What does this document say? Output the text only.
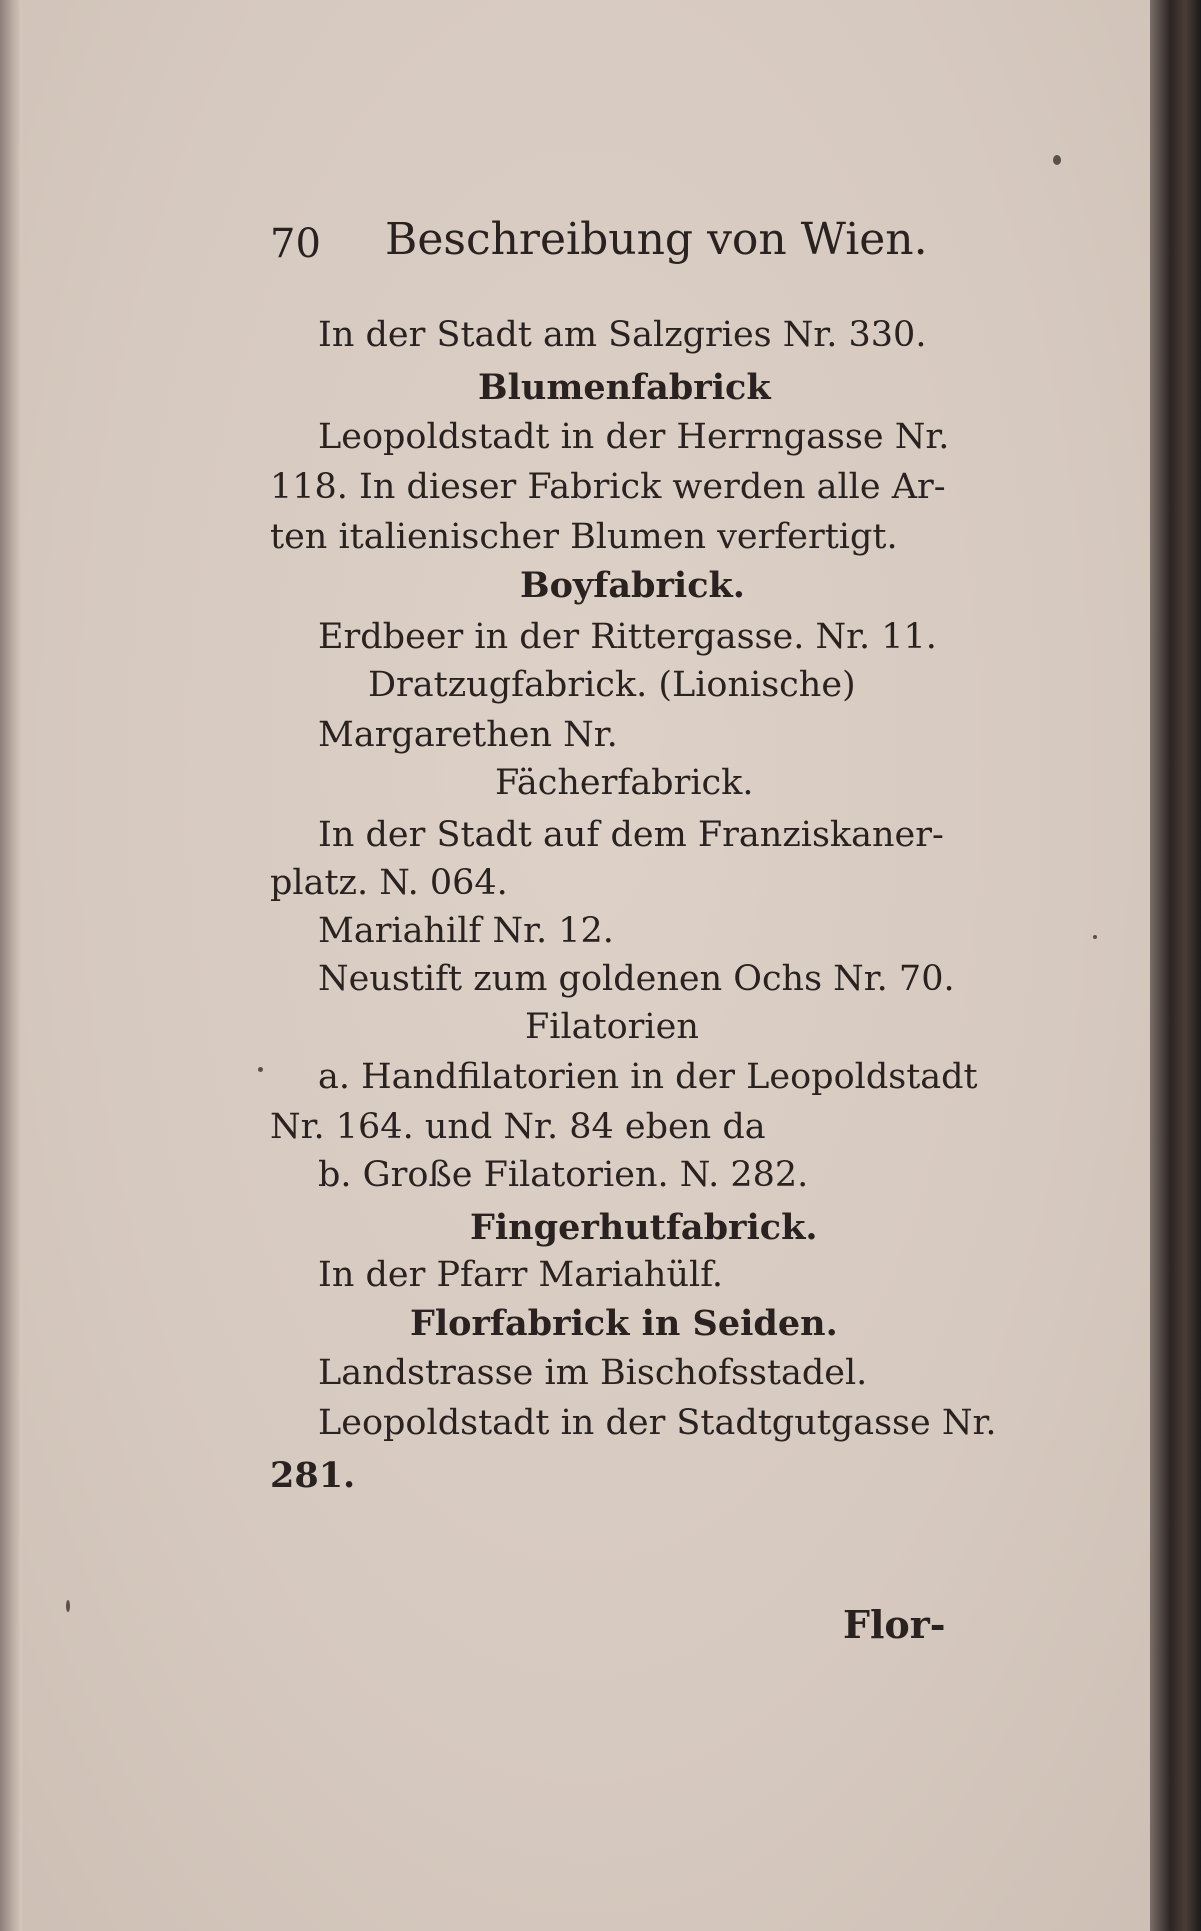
70 Beschreibung von Wien.
In der Stadt am Salzgries Nr. 330.
Blumenfabrick
Leopoldstadt in der Herrngasse Nr.
118. In dieser Fabrick werden alle Ar-
ten italienischer Blumen verfertigt.
Boyfabrick.
Erdbeer in der Rittergasse. Nr. 11.
Dratzugfabrick. (Lionische)
Margarethen Nr.
Fächerfabrick.
In der Stadt auf dem Franziskaner-
platz. N. 064.
Mariahilf Nr. 12.
Neustift zum goldenen Ochs Nr. 70.
Filatorien
a. Handfilatorien in der Leopoldstadt
Nr. 164. und Nr. 84 eben da
b. Große Filatorien. N. 282.
Fingerhutfabrick.
In der Pfarr Mariahülf.
Florfabrick in Seiden.
Landstrasse im Bischofsstadel.
Leopoldstadt in der Stadtgutgasse Nr.
281.
Flor-
